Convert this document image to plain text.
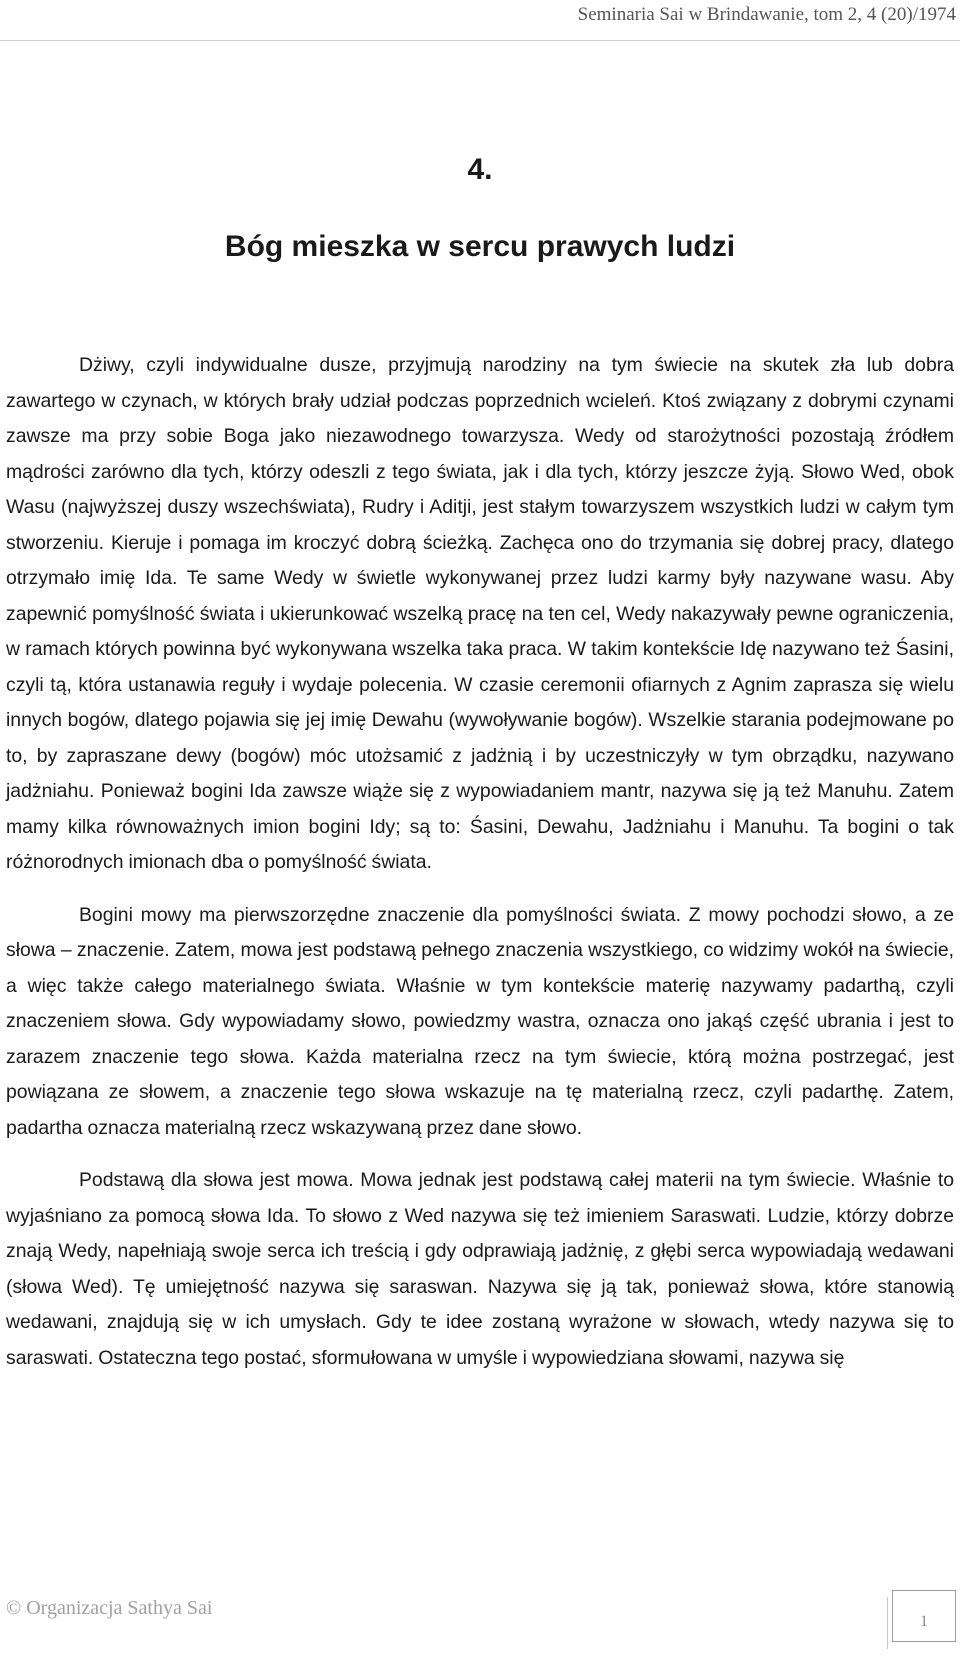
Seminaria Sai w Brindawanie, tom 2, 4 (20)/1974
4.
Bóg mieszka w sercu prawych ludzi

Dżiwy, czyli indywidualne dusze, przyjmują narodziny na tym świecie na skutek zła lub dobra zawartego w czynach, w których brały udział podczas poprzednich wcieleń. Ktoś związany z dobrymi czynami zawsze ma przy sobie Boga jako niezawodnego towarzysza. Wedy od starożytności pozostają źródłem mądrości zarówno dla tych, którzy odeszli z tego świata, jak i dla tych, którzy jeszcze żyją. Słowo Wed, obok Wasu (najwyższej duszy wszechświata), Rudry i Aditji, jest stałym towarzyszem wszystkich ludzi w całym tym stworzeniu. Kieruje i pomaga im kroczyć dobrą ścieżką. Zachęca ono do trzymania się dobrej pracy, dlatego otrzymało imię Ida. Te same Wedy w świetle wykonywanej przez ludzi karmy były nazywane wasu. Aby zapewnić pomyślność świata i ukierunkować wszelką pracę na ten cel, Wedy nakazywały pewne ograniczenia, w ramach których powinna być wykonywana wszelka taka praca. W takim kontekście Idę nazywano też Śasini, czyli tą, która ustanawia reguły i wydaje polecenia. W czasie ceremonii ofiarnych z Agnim zaprasza się wielu innych bogów, dlatego pojawia się jej imię Dewahu (wywoływanie bogów). Wszelkie starania podejmowane po to, by zapraszane dewy (bogów) móc utożsamić z jadżnią i by uczestniczyły w tym obrządku, nazywano jadżniahu. Ponieważ bogini Ida zawsze wiąże się z wypowiadaniem mantr, nazywa się ją też Manuhu. Zatem mamy kilka równoważnych imion bogini Idy; są to: Śasini, Dewahu, Jadżniahu i Manuhu. Ta bogini o tak różnorodnych imionach dba o pomyślność świata.

Bogini mowy ma pierwszorzędne znaczenie dla pomyślności świata. Z mowy pochodzi słowo, a ze słowa – znaczenie. Zatem, mowa jest podstawą pełnego znaczenia wszystkiego, co widzimy wokół na świecie, a więc także całego materialnego świata. Właśnie w tym kontekście materię nazywamy padarthą, czyli znaczeniem słowa. Gdy wypowiadamy słowo, powiedzmy wastra, oznacza ono jakąś część ubrania i jest to zarazem znaczenie tego słowa. Każda materialna rzecz na tym świecie, którą można postrzegać, jest powiązana ze słowem, a znaczenie tego słowa wskazuje na tę materialną rzecz, czyli padarthę. Zatem, padartha oznacza materialną rzecz wskazywaną przez dane słowo.

Podstawą dla słowa jest mowa. Mowa jednak jest podstawą całej materii na tym świecie. Właśnie to wyjaśniano za pomocą słowa Ida. To słowo z Wed nazywa się też imieniem Saraswati. Ludzie, którzy dobrze znają Wedy, napełniają swoje serca ich treścią i gdy odprawiają jadżnię, z głębi serca wypowiadają wedawani (słowa Wed). Tę umiejętność nazywa się saraswan. Nazywa się ją tak, ponieważ słowa, które stanowią wedawani, znajdują się w ich umysłach. Gdy te idee zostaną wyrażone w słowach, wtedy nazywa się to saraswati. Ostateczna tego postać, sformułowana w umyśle i wypowiedziana słowami, nazywa się

© Organizacja Sathya Sai
1
